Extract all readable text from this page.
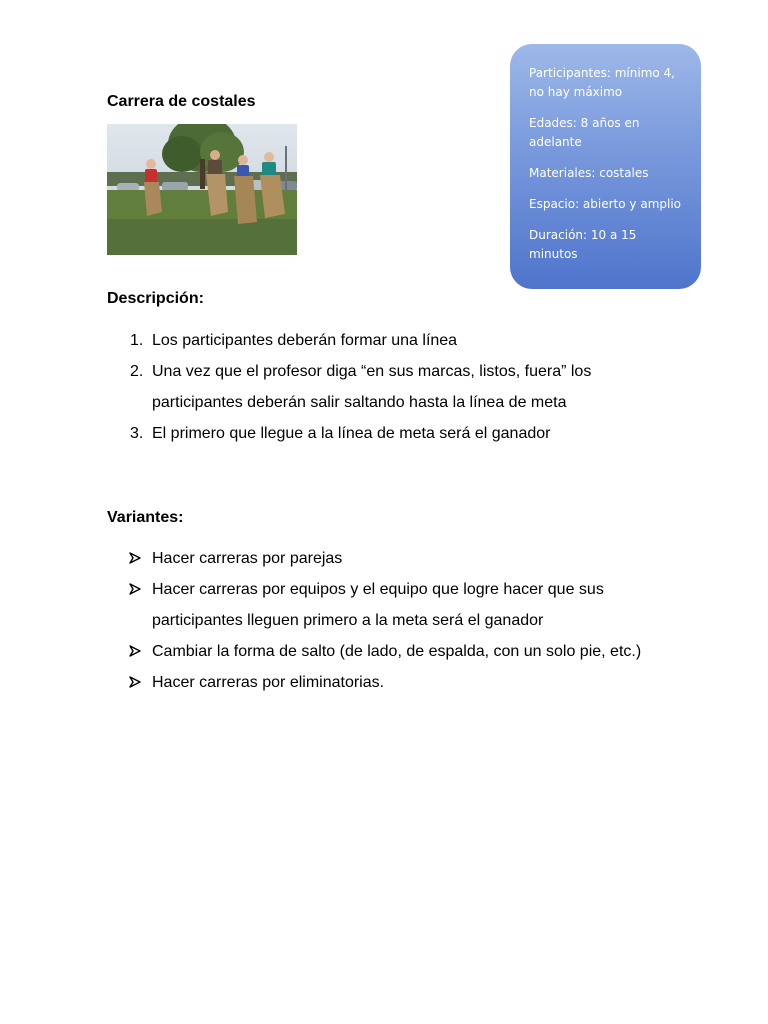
Carrera de costales

Participantes: mínimo 4, no hay máximo

Edades: 8 años en adelante

Materiales: costales

Espacio: abierto y amplio

Duración: 10 a 15 minutos

Descripción:
1. Los participantes deberán formar una línea
2. Una vez que el profesor diga “en sus marcas, listos, fuera” los participantes deberán salir saltando hasta la línea de meta
3. El primero que llegue a la línea de meta será el ganador
Variantes:
Hacer carreras por parejas
Hacer carreras por equipos y el equipo que logre hacer que sus participantes lleguen primero a la meta será el ganador
Cambiar la forma de salto (de lado, de espalda, con un solo pie, etc.)
Hacer carreras por eliminatorias.
